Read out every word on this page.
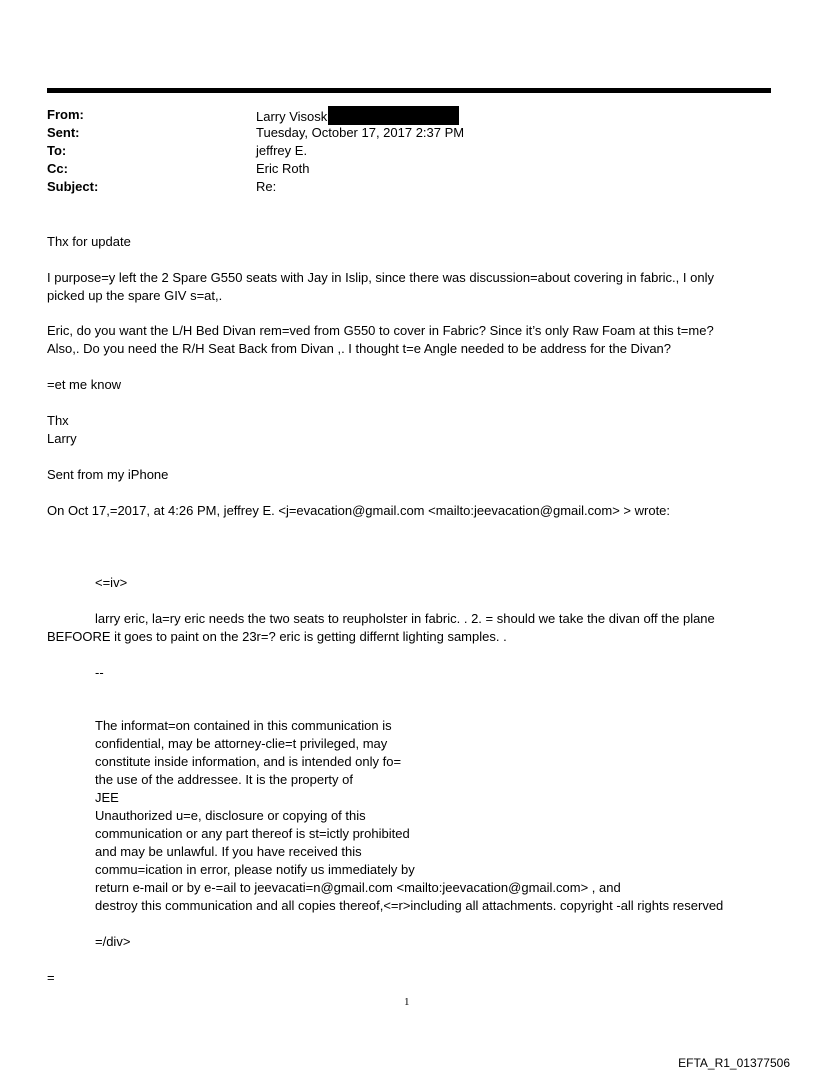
From:	Larry Visosk
Sent:	Tuesday, October 17, 2017 2:37 PM
To:	jeffrey E.
Cc:	Eric Roth
Subject:	Re:
Thx for update
I purpose=y left the 2 Spare G550 seats with Jay in Islip, since there was discussion=about covering in fabric., I only
picked up the spare GIV s=at,.
Eric, do you want the L/H Bed Divan rem=ved from G550 to cover in Fabric? Since it’s only Raw Foam at this t=me?
Also,. Do you need the R/H Seat Back from Divan ,. I thought t=e Angle needed to be address for the Divan?
=et me know
Thx
Larry
Sent from my iPhone
On Oct 17,=2017, at 4:26 PM, jeffrey E. <j=evacation@gmail.com <mailto:jeevacation@gmail.com> > wrote:
<=iv>
larry eric, la=ry eric needs the two seats to reupholster in fabric. . 2. = should we take the divan off the plane
BEFOORE it goes to paint on the 23r=? eric is getting differnt lighting samples. .
--
The informat=on contained in this communication is
confidential, may be attorney-clie=t privileged, may
constitute inside information, and is intended only fo=
the use of the addressee. It is the property of
JEE
Unauthorized u=e, disclosure or copying of this
communication or any part thereof is st=ictly prohibited
and may be unlawful. If you have received this
commu=ication in error, please notify us immediately by
return e-mail or by e-=ail to jeevacati=n@gmail.com <mailto:jeevacation@gmail.com> , and
destroy this communication and all copies thereof,<=r>including all attachments. copyright -all rights reserved
=/div>
=
1
EFTA_R1_01377506
